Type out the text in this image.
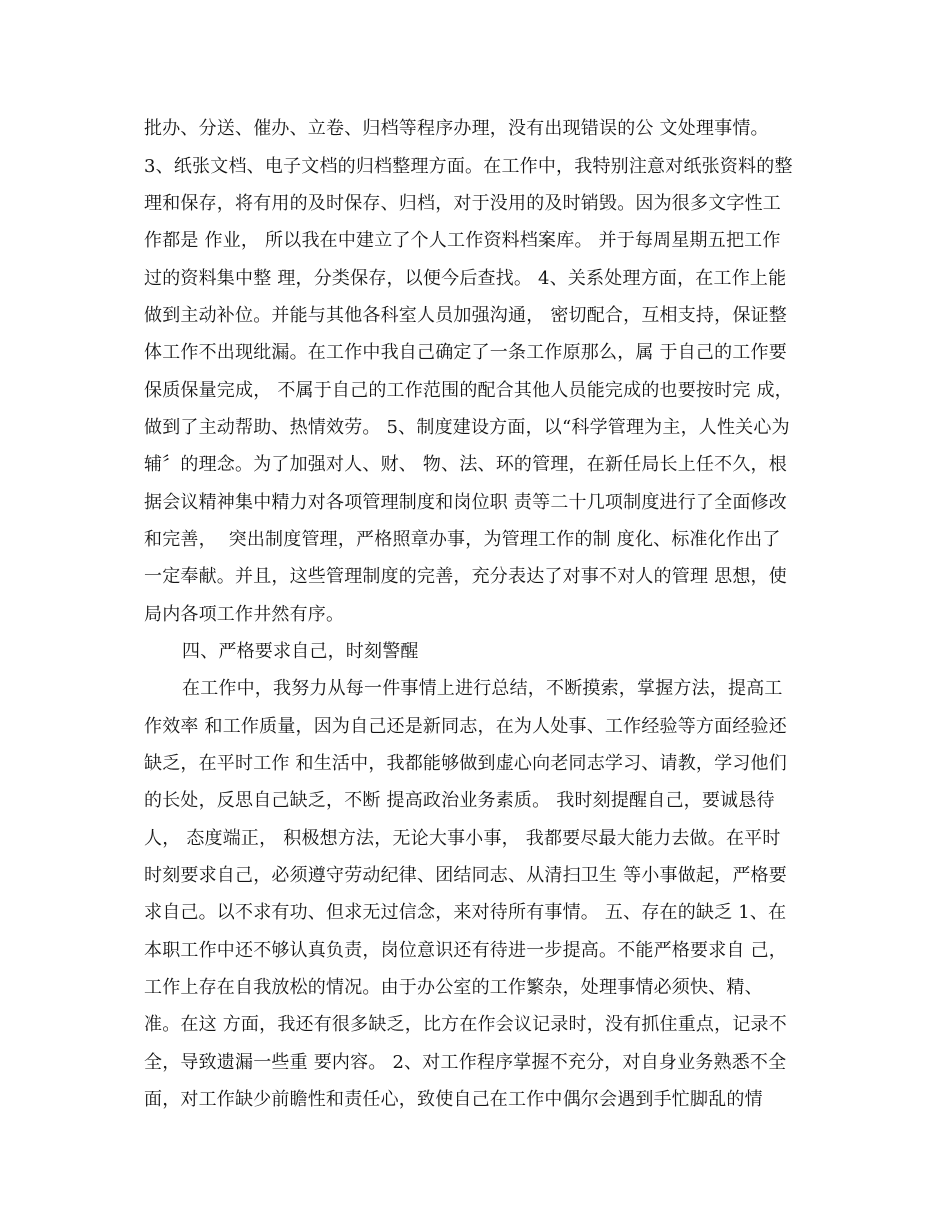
批办、分送、催办、立卷、归档等程序办理，没有出现错误的公 文处理事情。
3、纸张文档、电子文档的归档整理方面。在工作中，我特别注意对纸张资料的整
理和保存，将有用的及时保存、归档，对于没用的及时销毁。因为很多文字性工
作都是 作业， 所以我在中建立了个人工作资料档案库。 并于每周星期五把工作
过的资料集中整 理，分类保存，以便今后查找。 4、关系处理方面，在工作上能
做到主动补位。并能与其他各科室人员加强沟通， 密切配合，互相支持，保证整
体工作不出现纰漏。在工作中我自己确定了一条工作原那么，属 于自己的工作要
保质保量完成， 不属于自己的工作范围的配合其他人员能完成的也要按时完 成，
做到了主动帮助、热情效劳。 5、制度建设方面，以“科学管理为主，人性关心为
辅〞的理念。为了加强对人、财、 物、法、环的管理，在新任局长上任不久，根
据会议精神集中精力对各项管理制度和岗位职 责等二十几项制度进行了全面修改
和完善，  突出制度管理，严格照章办事，为管理工作的制 度化、标准化作出了
一定奉献。并且，这些管理制度的完善，充分表达了对事不对人的管理 思想，使
局内各项工作井然有序。
四、严格要求自己，时刻警醒
在工作中，我努力从每一件事情上进行总结，不断摸索，掌握方法，提高工
作效率 和工作质量，因为自己还是新同志，在为人处事、工作经验等方面经验还
缺乏，在平时工作 和生活中，我都能够做到虚心向老同志学习、请教，学习他们
的长处，反思自己缺乏，不断 提高政治业务素质。 我时刻提醒自己，要诚恳待
人， 态度端正， 积极想方法，无论大事小事， 我都要尽最大能力去做。在平时
时刻要求自己，必须遵守劳动纪律、团结同志、从清扫卫生 等小事做起，严格要
求自己。以不求有功、但求无过信念，来对待所有事情。 五、存在的缺乏 1、在
本职工作中还不够认真负责，岗位意识还有待进一步提高。不能严格要求自 己，
工作上存在自我放松的情况。由于办公室的工作繁杂，处理事情必须快、精、
准。在这 方面，我还有很多缺乏，比方在作会议记录时，没有抓住重点，记录不
全，导致遗漏一些重 要内容。 2、对工作程序掌握不充分，对自身业务熟悉不全
面，对工作缺少前瞻性和责任心，致使自己在工作中偶尔会遇到手忙脚乱的情
